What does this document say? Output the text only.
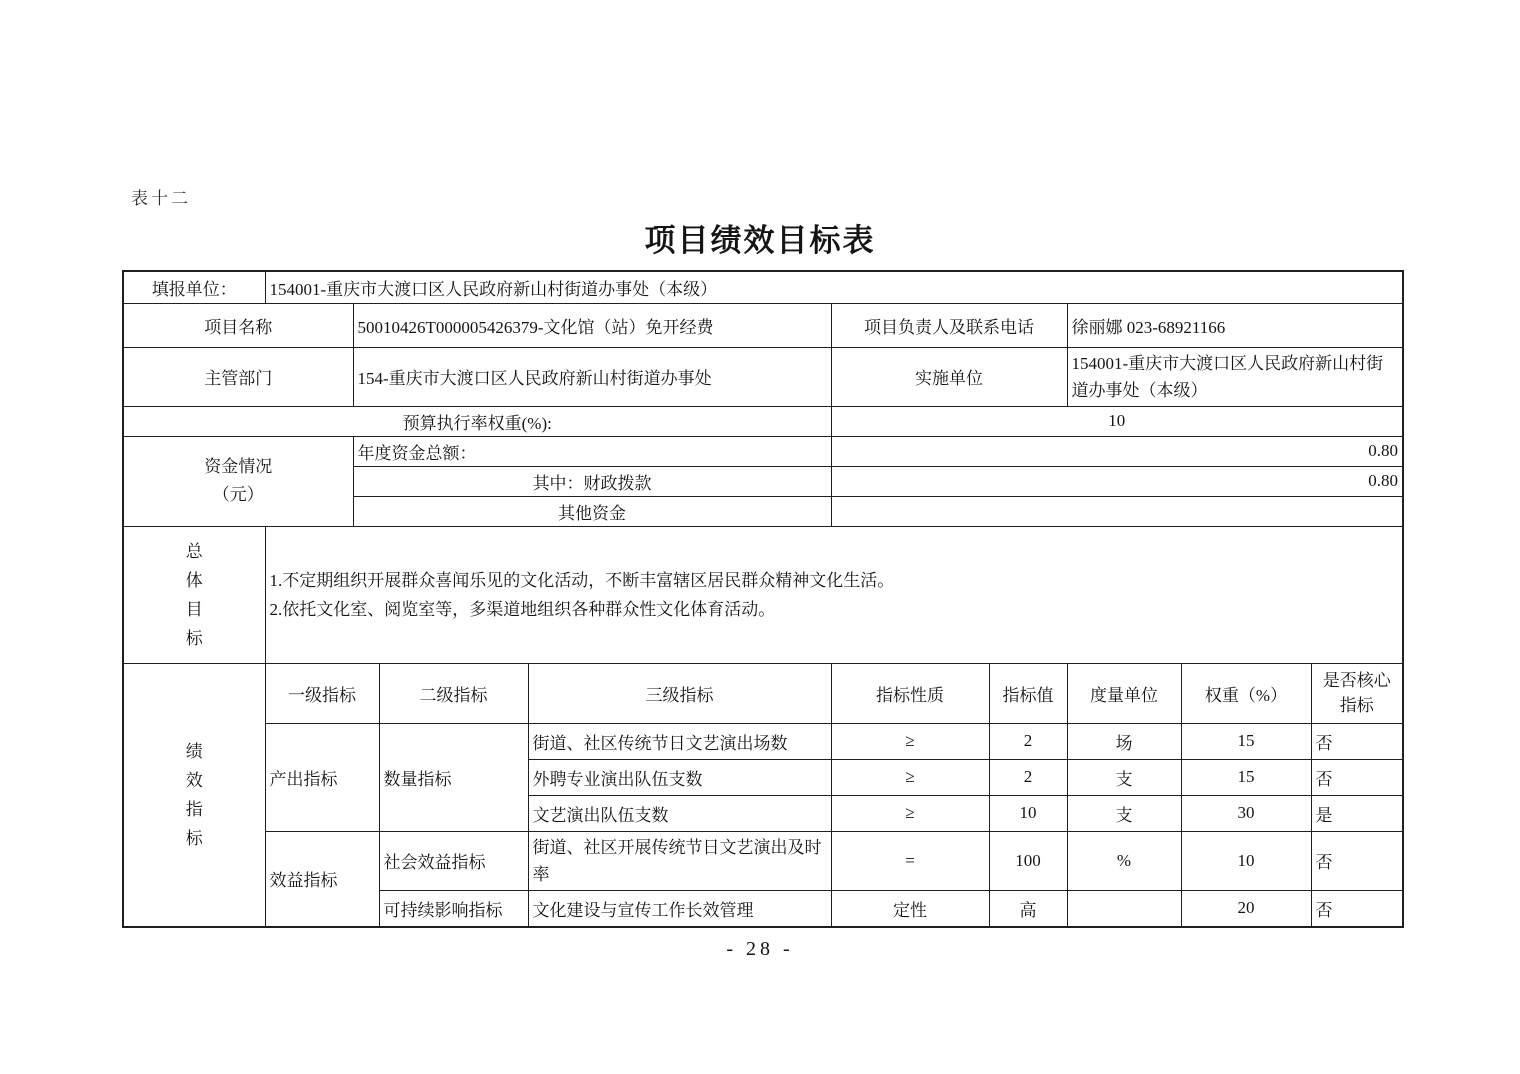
表十二
项目绩效目标表
填报单位：	154001-重庆市大渡口区人民政府新山村街道办事处（本级）								
项目名称		50010426T000005426379-文化馆（站）免开经费			项目负责人及联系电话		徐丽娜 023-68921166		
主管部门		154-重庆市大渡口区人民政府新山村街道办事处			实施单位		154001-重庆市大渡口区人民政府新山村街道办事处（本级）		
预算执行率权重(%):					10				

资金情况
（元）		年度资金总额：			0.80				
		其中：财政拨款			0.80				
		其他资金							

总
体
目
标

1.不定期组织开展群众喜闻乐见的文化活动，不断丰富辖区居民群众精神文化生活。
2.依托文化室、阅览室等，多渠道地组织各种群众性文化体育活动。

绩
效
指
标	一级指标		二级指标	三级指标	指标性质	指标值	度量单位	权重（%）	是否核心指标
	产出指标		数量指标	街道、社区传统节日文艺演出场数	≥	2	场	15	否
				外聘专业演出队伍支数	≥	2	支	15	否
				文艺演出队伍支数	≥	10	支	30	是
	效益指标		社会效益指标	街道、社区开展传统节日文艺演出及时率	=	100	%	10	否
			可持续影响指标	文化建设与宣传工作长效管理	定性	高		20	否
- 28 -
